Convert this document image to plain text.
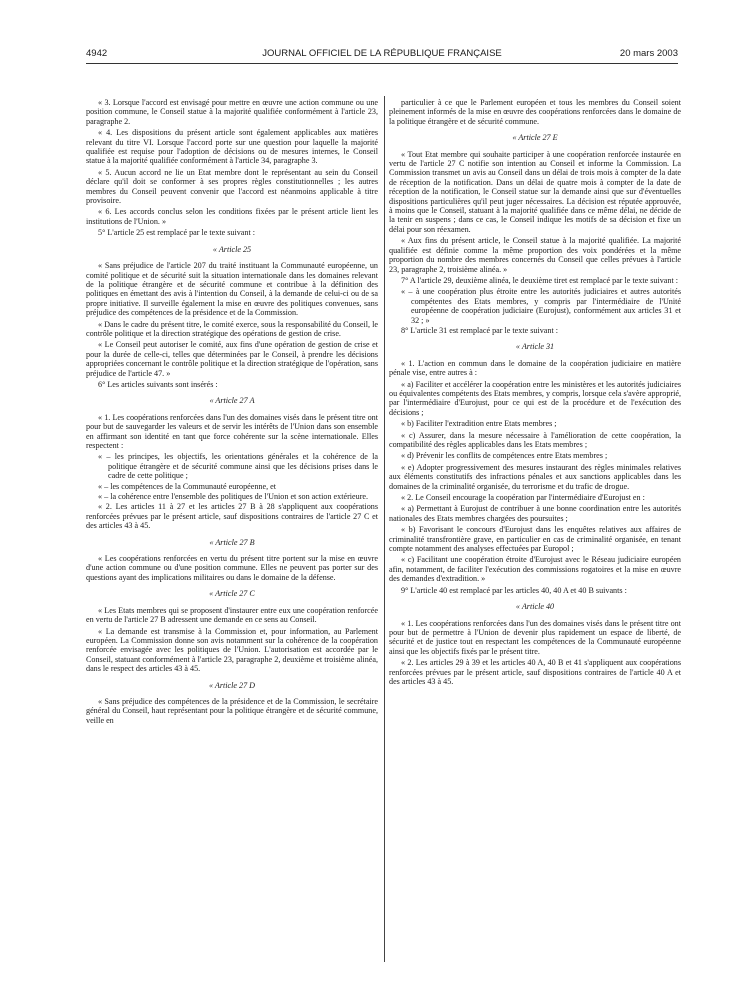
4942	JOURNAL OFFICIEL DE LA RÉPUBLIQUE FRANÇAISE	20 mars 2003

« 3. Lorsque l'accord est envisagé pour mettre en œuvre une action commune ou une position commune, le Conseil statue à la majorité qualifiée conformément à l'article 23, paragraphe 2.

« 4. Les dispositions du présent article sont également applicables aux matières relevant du titre VI. Lorsque l'accord porte sur une question pour laquelle la majorité qualifiée est requise pour l'adoption de décisions ou de mesures internes, le Conseil statue à la majorité qualifiée conformément à l'article 34, paragraphe 3.

« 5. Aucun accord ne lie un Etat membre dont le représentant au sein du Conseil déclare qu'il doit se conformer à ses propres règles constitutionnelles ; les autres membres du Conseil peuvent convenir que l'accord est néanmoins applicable à titre provisoire.

« 6. Les accords conclus selon les conditions fixées par le présent article lient les institutions de l'Union. »

5° L'article 25 est remplacé par le texte suivant :

« Article 25

« Sans préjudice de l'article 207 du traité instituant la Communauté européenne, un comité politique et de sécurité suit la situation internationale dans les domaines relevant de la politique étrangère et de sécurité commune et contribue à la définition des politiques en émettant des avis à l'intention du Conseil, à la demande de celui-ci ou de sa propre initiative. Il surveille également la mise en œuvre des politiques convenues, sans préjudice des compétences de la présidence et de la Commission.

« Dans le cadre du présent titre, le comité exerce, sous la responsabilité du Conseil, le contrôle politique et la direction stratégique des opérations de gestion de crise.

« Le Conseil peut autoriser le comité, aux fins d'une opération de gestion de crise et pour la durée de celle-ci, telles que déterminées par le Conseil, à prendre les décisions appropriées concernant le contrôle politique et la direction stratégique de l'opération, sans préjudice de l'article 47. »

6° Les articles suivants sont insérés :

« Article 27 A

« 1. Les coopérations renforcées dans l'un des domaines visés dans le présent titre ont pour but de sauvegarder les valeurs et de servir les intérêts de l'Union dans son ensemble en affirmant son identité en tant que force cohérente sur la scène internationale. Elles respectent :

« – les principes, les objectifs, les orientations générales et la cohérence de la politique étrangère et de sécurité commune ainsi que les décisions prises dans le cadre de cette politique ;

« – les compétences de la Communauté européenne, et

« – la cohérence entre l'ensemble des politiques de l'Union et son action extérieure.

« 2. Les articles 11 à 27 et les articles 27 B à 28 s'appliquent aux coopérations renforcées prévues par le présent article, sauf dispositions contraires de l'article 27 C et des articles 43 à 45.

« Article 27 B

« Les coopérations renforcées en vertu du présent titre portent sur la mise en œuvre d'une action commune ou d'une position commune. Elles ne peuvent pas porter sur des questions ayant des implications militaires ou dans le domaine de la défense.

« Article 27 C

« Les Etats membres qui se proposent d'instaurer entre eux une coopération renforcée en vertu de l'article 27 B adressent une demande en ce sens au Conseil.

« La demande est transmise à la Commission et, pour information, au Parlement européen. La Commission donne son avis notamment sur la cohérence de la coopération renforcée envisagée avec les politiques de l'Union. L'autorisation est accordée par le Conseil, statuant conformément à l'article 23, paragraphe 2, deuxième et troisième alinéa, dans le respect des articles 43 à 45.

« Article 27 D

« Sans préjudice des compétences de la présidence et de la Commission, le secrétaire général du Conseil, haut représentant pour la politique étrangère et de sécurité commune, veille en

particulier à ce que le Parlement européen et tous les membres du Conseil soient pleinement informés de la mise en œuvre des coopérations renforcées dans le domaine de la politique étrangère et de sécurité commune.

« Article 27 E

« Tout Etat membre qui souhaite participer à une coopération renforcée instaurée en vertu de l'article 27 C notifie son intention au Conseil et informe la Commission. La Commission transmet un avis au Conseil dans un délai de trois mois à compter de la date de réception de la notification. Dans un délai de quatre mois à compter de la date de réception de la notification, le Conseil statue sur la demande ainsi que sur d'éventuelles dispositions particulières qu'il peut juger nécessaires. La décision est réputée approuvée, à moins que le Conseil, statuant à la majorité qualifiée dans ce même délai, ne décide de la tenir en suspens ; dans ce cas, le Conseil indique les motifs de sa décision et fixe un délai pour son réexamen.

« Aux fins du présent article, le Conseil statue à la majorité qualifiée. La majorité qualifiée est définie comme la même proportion des voix pondérées et la même proportion du nombre des membres concernés du Conseil que celles prévues à l'article 23, paragraphe 2, troisième alinéa. »

7° A l'article 29, deuxième alinéa, le deuxième tiret est remplacé par le texte suivant :

« – à une coopération plus étroite entre les autorités judiciaires et autres autorités compétentes des Etats membres, y compris par l'intermédiaire de l'Unité européenne de coopération judiciaire (Eurojust), conformément aux articles 31 et 32 ; »

8° L'article 31 est remplacé par le texte suivant :

« Article 31

« 1. L'action en commun dans le domaine de la coopération judiciaire en matière pénale vise, entre autres à :

« a) Faciliter et accélérer la coopération entre les ministères et les autorités judiciaires ou équivalentes compétents des Etats membres, y compris, lorsque cela s'avère approprié, par l'intermédiaire d'Eurojust, pour ce qui est de la procédure et de l'exécution des décisions ;

« b) Faciliter l'extradition entre Etats membres ;

« c) Assurer, dans la mesure nécessaire à l'amélioration de cette coopération, la compatibilité des règles applicables dans les Etats membres ;

« d) Prévenir les conflits de compétences entre Etats membres ;

« e) Adopter progressivement des mesures instaurant des règles minimales relatives aux éléments constitutifs des infractions pénales et aux sanctions applicables dans les domaines de la criminalité organisée, du terrorisme et du trafic de drogue.

« 2. Le Conseil encourage la coopération par l'intermédiaire d'Eurojust en :

« a) Permettant à Eurojust de contribuer à une bonne coordination entre les autorités nationales des Etats membres chargées des poursuites ;

« b) Favorisant le concours d'Eurojust dans les enquêtes relatives aux affaires de criminalité transfrontière grave, en particulier en cas de criminalité organisée, en tenant compte notamment des analyses effectuées par Europol ;

« c) Facilitant une coopération étroite d'Eurojust avec le Réseau judiciaire européen afin, notamment, de faciliter l'exécution des commissions rogatoires et la mise en œuvre des demandes d'extradition. »

9° L'article 40 est remplacé par les articles 40, 40 A et 40 B suivants :

« Article 40

« 1. Les coopérations renforcées dans l'un des domaines visés dans le présent titre ont pour but de permettre à l'Union de devenir plus rapidement un espace de liberté, de sécurité et de justice tout en respectant les compétences de la Communauté européenne ainsi que les objectifs fixés par le présent titre.

« 2. Les articles 29 à 39 et les articles 40 A, 40 B et 41 s'appliquent aux coopérations renforcées prévues par le présent article, sauf dispositions contraires de l'article 40 A et des articles 43 à 45.
